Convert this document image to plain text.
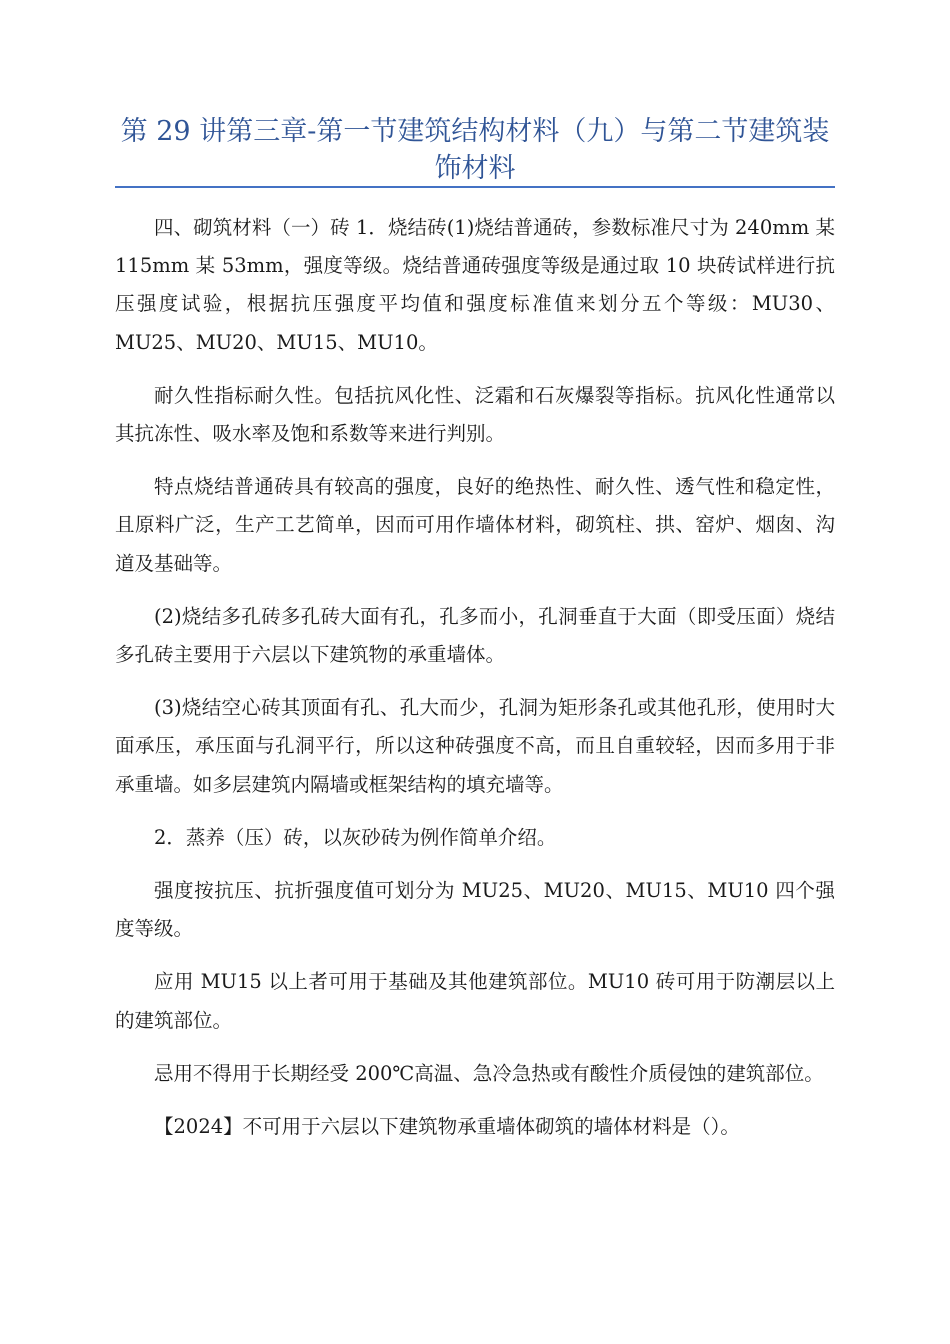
第 29 讲第三章-第一节建筑结构材料（九）与第二节建筑装饰材料

四、砌筑材料（一）砖 1．烧结砖(1)烧结普通砖，参数标准尺寸为 240mm 某 115mm 某 53mm，强度等级。烧结普通砖强度等级是通过取 10 块砖试样进行抗压强度试验，根据抗压强度平均值和强度标准值来划分五个等级：MU30、MU25、MU20、MU15、MU10。

耐久性指标耐久性。包括抗风化性、泛霜和石灰爆裂等指标。抗风化性通常以其抗冻性、吸水率及饱和系数等来进行判别。

特点烧结普通砖具有较高的强度，良好的绝热性、耐久性、透气性和稳定性，且原料广泛，生产工艺简单，因而可用作墙体材料，砌筑柱、拱、窑炉、烟囱、沟道及基础等。

(2)烧结多孔砖多孔砖大面有孔，孔多而小，孔洞垂直于大面（即受压面）烧结多孔砖主要用于六层以下建筑物的承重墙体。

(3)烧结空心砖其顶面有孔、孔大而少，孔洞为矩形条孔或其他孔形，使用时大面承压，承压面与孔洞平行，所以这种砖强度不高，而且自重较轻，因而多用于非承重墙。如多层建筑内隔墙或框架结构的填充墙等。

2．蒸养（压）砖，以灰砂砖为例作简单介绍。

强度按抗压、抗折强度值可划分为 MU25、MU20、MU15、MU10 四个强度等级。

应用 MU15 以上者可用于基础及其他建筑部位。MU10 砖可用于防潮层以上的建筑部位。

忌用不得用于长期经受 200℃高温、急冷急热或有酸性介质侵蚀的建筑部位。

【2024】不可用于六层以下建筑物承重墙体砌筑的墙体材料是（）。
